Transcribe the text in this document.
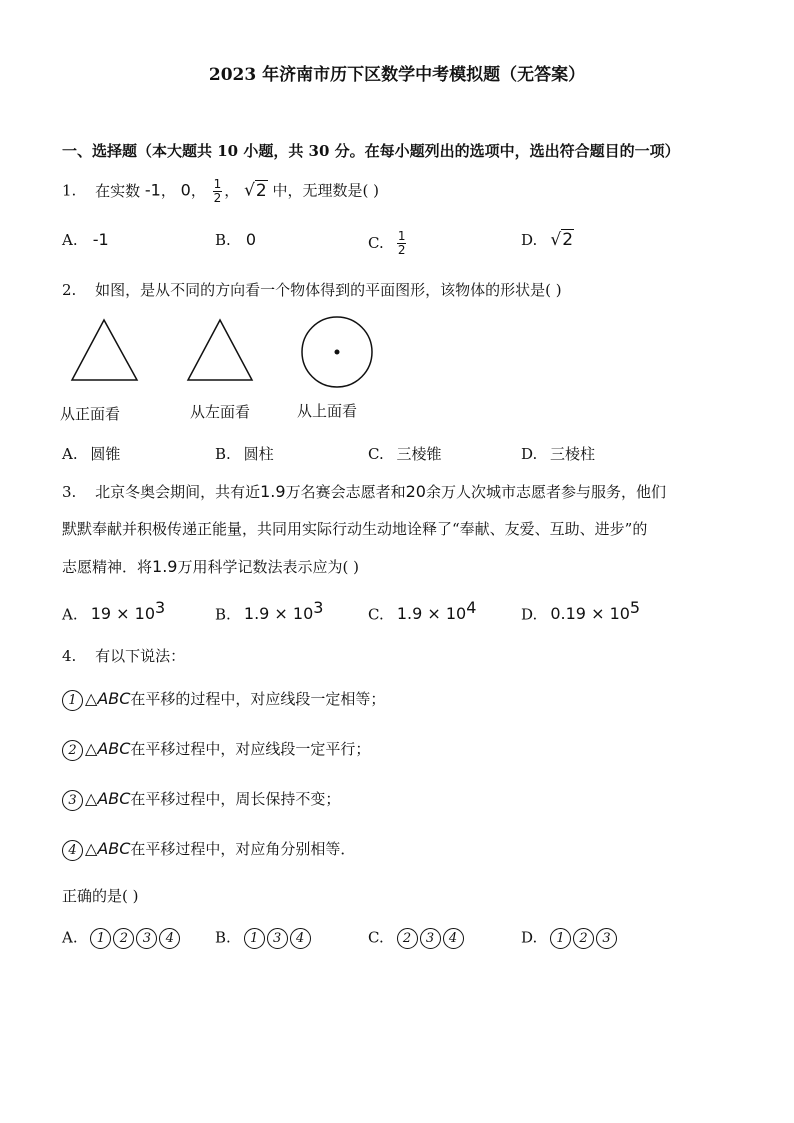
2023 年济南市历下区数学中考模拟题（无答案）
一、选择题（本大题共 10 小题，共 30 分。在每小题列出的选项中，选出符合题目的一项）
1. 在实数 -1， 0， $\frac{1}{2}$ ， √2 中，无理数是( )
A. -1	B. 0	C. $\frac{1}{2}$	D. √2
2. 如图，是从不同的方向看一个物体得到的平面图形，该物体的形状是( )
从正面看	从左面看	从上面看
A. 圆锥	B. 圆柱	C. 三棱锥	D. 三棱柱
3. 北京冬奥会期间，共有近1.9万名赛会志愿者和20余万人次城市志愿者参与服务，他们
默默奉献并积极传递正能量，共同用实际行动生动地诠释了“奉献、友爱、互助、进步”的
志愿精神．将1.9万用科学记数法表示应为( )
A. $19 \times 10^3$	B. $1.9 \times 10^3$	C. $1.9 \times 10^4$	D. $0.19 \times 10^5$
4. 有以下说法：
1 △ABC在平移的过程中，对应线段一定相等；
2 △ABC在平移过程中，对应线段一定平行；
3 △ABC在平移过程中，周长保持不变；
4 △ABC在平移过程中，对应角分别相等．
正确的是( )
A. 1 2 3 4	B. 1 3 4	C. 2 3 4	D. 1 2 3
